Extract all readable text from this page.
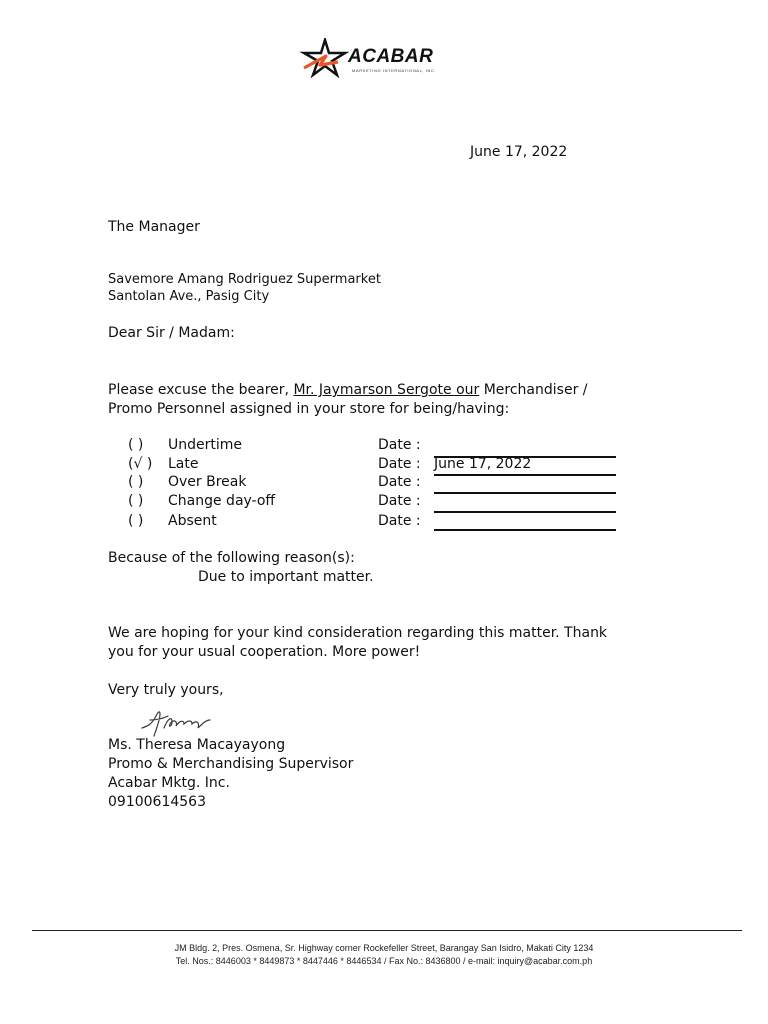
ACABAR
MARKETING INTERNATIONAL, INC.
June 17, 2022
The Manager
Savemore Amang Rodriguez Supermarket
Santolan Ave., Pasig City
Dear Sir / Madam:
Please excuse the bearer, Mr. Jaymarson Sergote our Merchandiser /
Promo Personnel assigned in your store for being/having:
( ) Undertime	Date :
(√ ) Late	Date : June 17, 2022
( ) Over Break	Date :
( ) Change day-off	Date :
( ) Absent	Date :
Because of the following reason(s):
Due to important matter.
We are hoping for your kind consideration regarding this matter. Thank
you for your usual cooperation. More power!
Very truly yours,
Ms. Theresa Macayayong
Promo & Merchandising Supervisor
Acabar Mktg. Inc.
09100614563
JM Bldg. 2, Pres. Osmena, Sr. Highway corner Rockefeller Street, Barangay San Isidro, Makati City 1234
Tel. Nos.: 8446003 * 8449873 * 8447446 * 8446534 / Fax No.: 8436800 / e-mail: inquiry@acabar.com.ph
